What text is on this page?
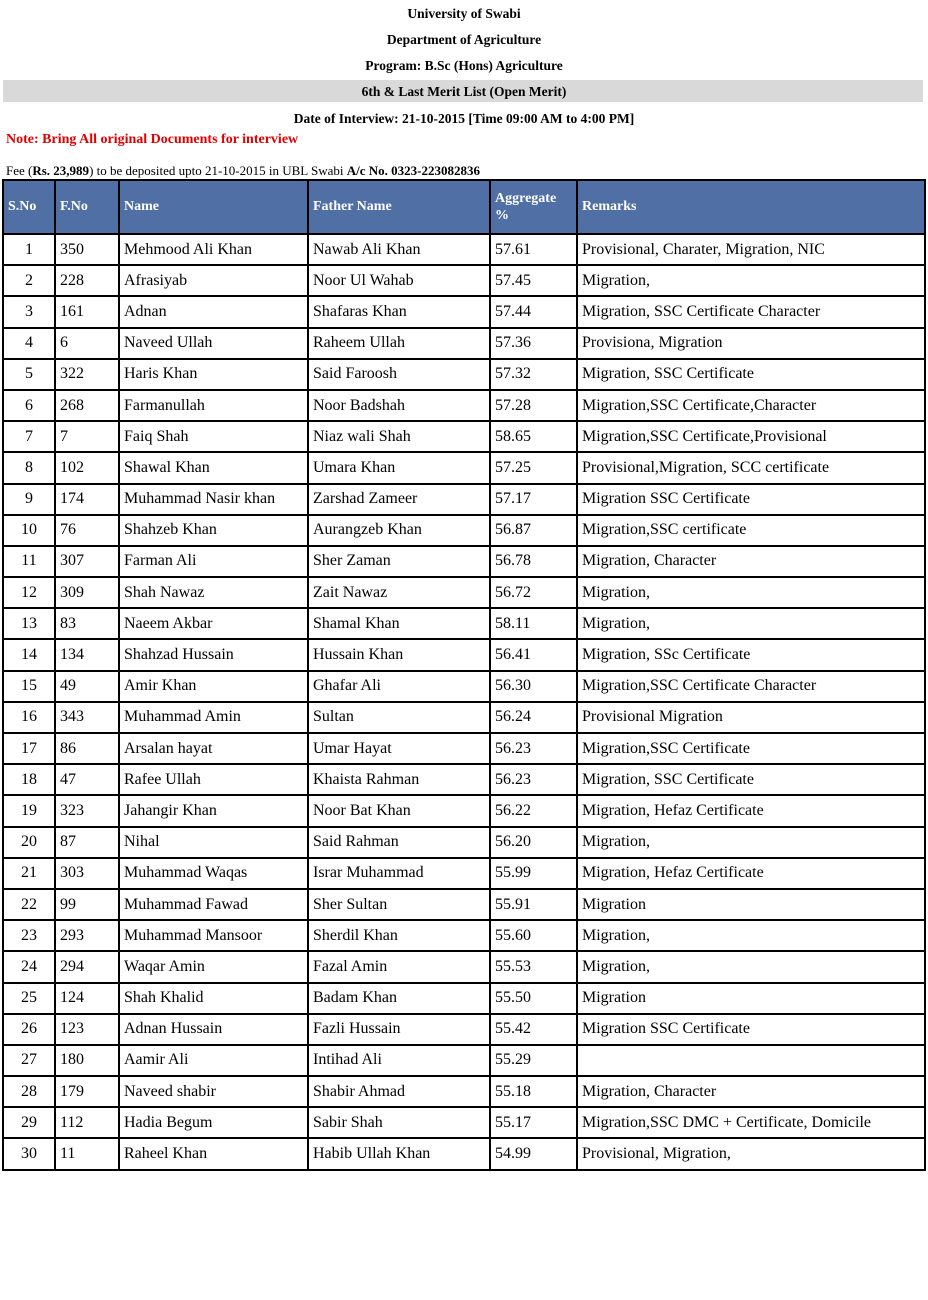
University of Swabi
Department of Agriculture
Program: B.Sc (Hons) Agriculture
6th & Last Merit List (Open Merit)
Date of Interview: 21-10-2015 [Time 09:00 AM to 4:00 PM]
Note: Bring All original Documents for interview
Fee (Rs. 23,989) to be deposited upto 21-10-2015 in UBL Swabi A/c No. 0323-223082836
S.No	F.No	Name	Father Name	Aggregate %	Remarks
1	350	Mehmood Ali Khan	Nawab Ali Khan	57.61	Provisional, Charater, Migration, NIC
2	228	Afrasiyab	Noor Ul Wahab	57.45	Migration,
3	161	Adnan	Shafaras Khan	57.44	Migration, SSC Certificate Character
4	6	Naveed Ullah	Raheem Ullah	57.36	Provisiona, Migration
5	322	Haris Khan	Said Faroosh	57.32	Migration, SSC Certificate
6	268	Farmanullah	Noor Badshah	57.28	Migration,SSC Certificate,Character
7	7	Faiq Shah	Niaz wali Shah	58.65	Migration,SSC Certificate,Provisional
8	102	Shawal Khan	Umara Khan	57.25	Provisional,Migration, SCC certificate
9	174	Muhammad Nasir khan	Zarshad Zameer	57.17	Migration SSC Certificate
10	76	Shahzeb Khan	Aurangzeb Khan	56.87	Migration,SSC certificate
11	307	Farman Ali	Sher Zaman	56.78	Migration, Character
12	309	Shah Nawaz	Zait Nawaz	56.72	Migration,
13	83	Naeem Akbar	Shamal Khan	58.11	Migration,
14	134	Shahzad Hussain	Hussain Khan	56.41	Migration, SSc Certificate
15	49	Amir Khan	Ghafar Ali	56.30	Migration,SSC Certificate Character
16	343	Muhammad Amin	Sultan	56.24	Provisional Migration
17	86	Arsalan hayat	Umar Hayat	56.23	Migration,SSC Certificate
18	47	Rafee Ullah	Khaista Rahman	56.23	Migration, SSC Certificate
19	323	Jahangir Khan	Noor Bat Khan	56.22	Migration, Hefaz Certificate
20	87	Nihal	Said Rahman	56.20	Migration,
21	303	Muhammad Waqas	Israr Muhammad	55.99	Migration, Hefaz Certificate
22	99	Muhammad Fawad	Sher Sultan	55.91	Migration
23	293	Muhammad Mansoor	Sherdil Khan	55.60	Migration,
24	294	Waqar Amin	Fazal Amin	55.53	Migration,
25	124	Shah Khalid	Badam Khan	55.50	Migration
26	123	Adnan Hussain	Fazli Hussain	55.42	Migration SSC Certificate
27	180	Aamir Ali	Intihad Ali	55.29	
28	179	Naveed shabir	Shabir Ahmad	55.18	Migration, Character
29	112	Hadia Begum	Sabir Shah	55.17	Migration,SSC DMC + Certificate, Domicile
30	11	Raheel Khan	Habib Ullah Khan	54.99	Provisional, Migration,
